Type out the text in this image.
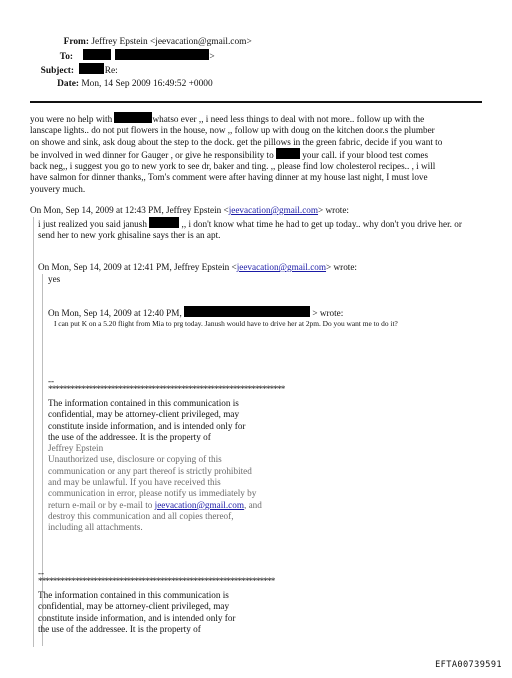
From: Jeffrey Epstein <jeevacation@gmail.com>
To:	>
Subject:	Re:
Date: Mon, 14 Sep 2009 16:49:52 +0000
you were no help with	whatso ever ,, i need less things to deal with not more.. follow up with the
lanscape lights.. do not put flowers in the house, now ,, follow up with doug on the kitchen door.s the plumber
on showe and sink, ask doug about the step to the dock. get the pillows in the green fabric, decide if you want to
be involved in wed dinner for Gauger , or give he responsibility to	your call. if your blood test comes
back neg,, i suggest you go to new york to see dr, baker and ting. ,, please find low cholesterol recipes.. , i will
have salmon for dinner thanks,, Tom's comment were after having dinner at my house last night, I must love
youvery much.
On Mon, Sep 14, 2009 at 12:43 PM, Jeffrey Epstein <jeevacation@gmail.com> wrote:
i just realized you said janush	,, i don't know what time he had to get up today.. why don't you drive her. or
send her to new york ghisaline says ther is an apt.
On Mon, Sep 14, 2009 at 12:41 PM, Jeffrey Epstein <jeevacation@gmail.com> wrote:
yes
On Mon, Sep 14, 2009 at 12:40 PM,	> wrote:
I can put K on a 5.20 flight from Mia to prg today. Janush would have to drive her at 2pm. Do you want me to do it?
--
****************************************************************
The information contained in this communication is
confidential, may be attorney-client privileged, may
constitute inside information, and is intended only for
the use of the addressee. It is the property of
Jeffrey Epstein
Unauthorized use, disclosure or copying of this
communication or any part thereof is strictly prohibited
and may be unlawful. If you have received this
communication in error, please notify us immediately by
return e-mail or by e-mail to jeevacation@gmail.com, and
destroy this communication and all copies thereof,
including all attachments.
--
****************************************************************
The information contained in this communication is
confidential, may be attorney-client privileged, may
constitute inside information, and is intended only for
the use of the addressee. It is the property of
EFTA00739591
